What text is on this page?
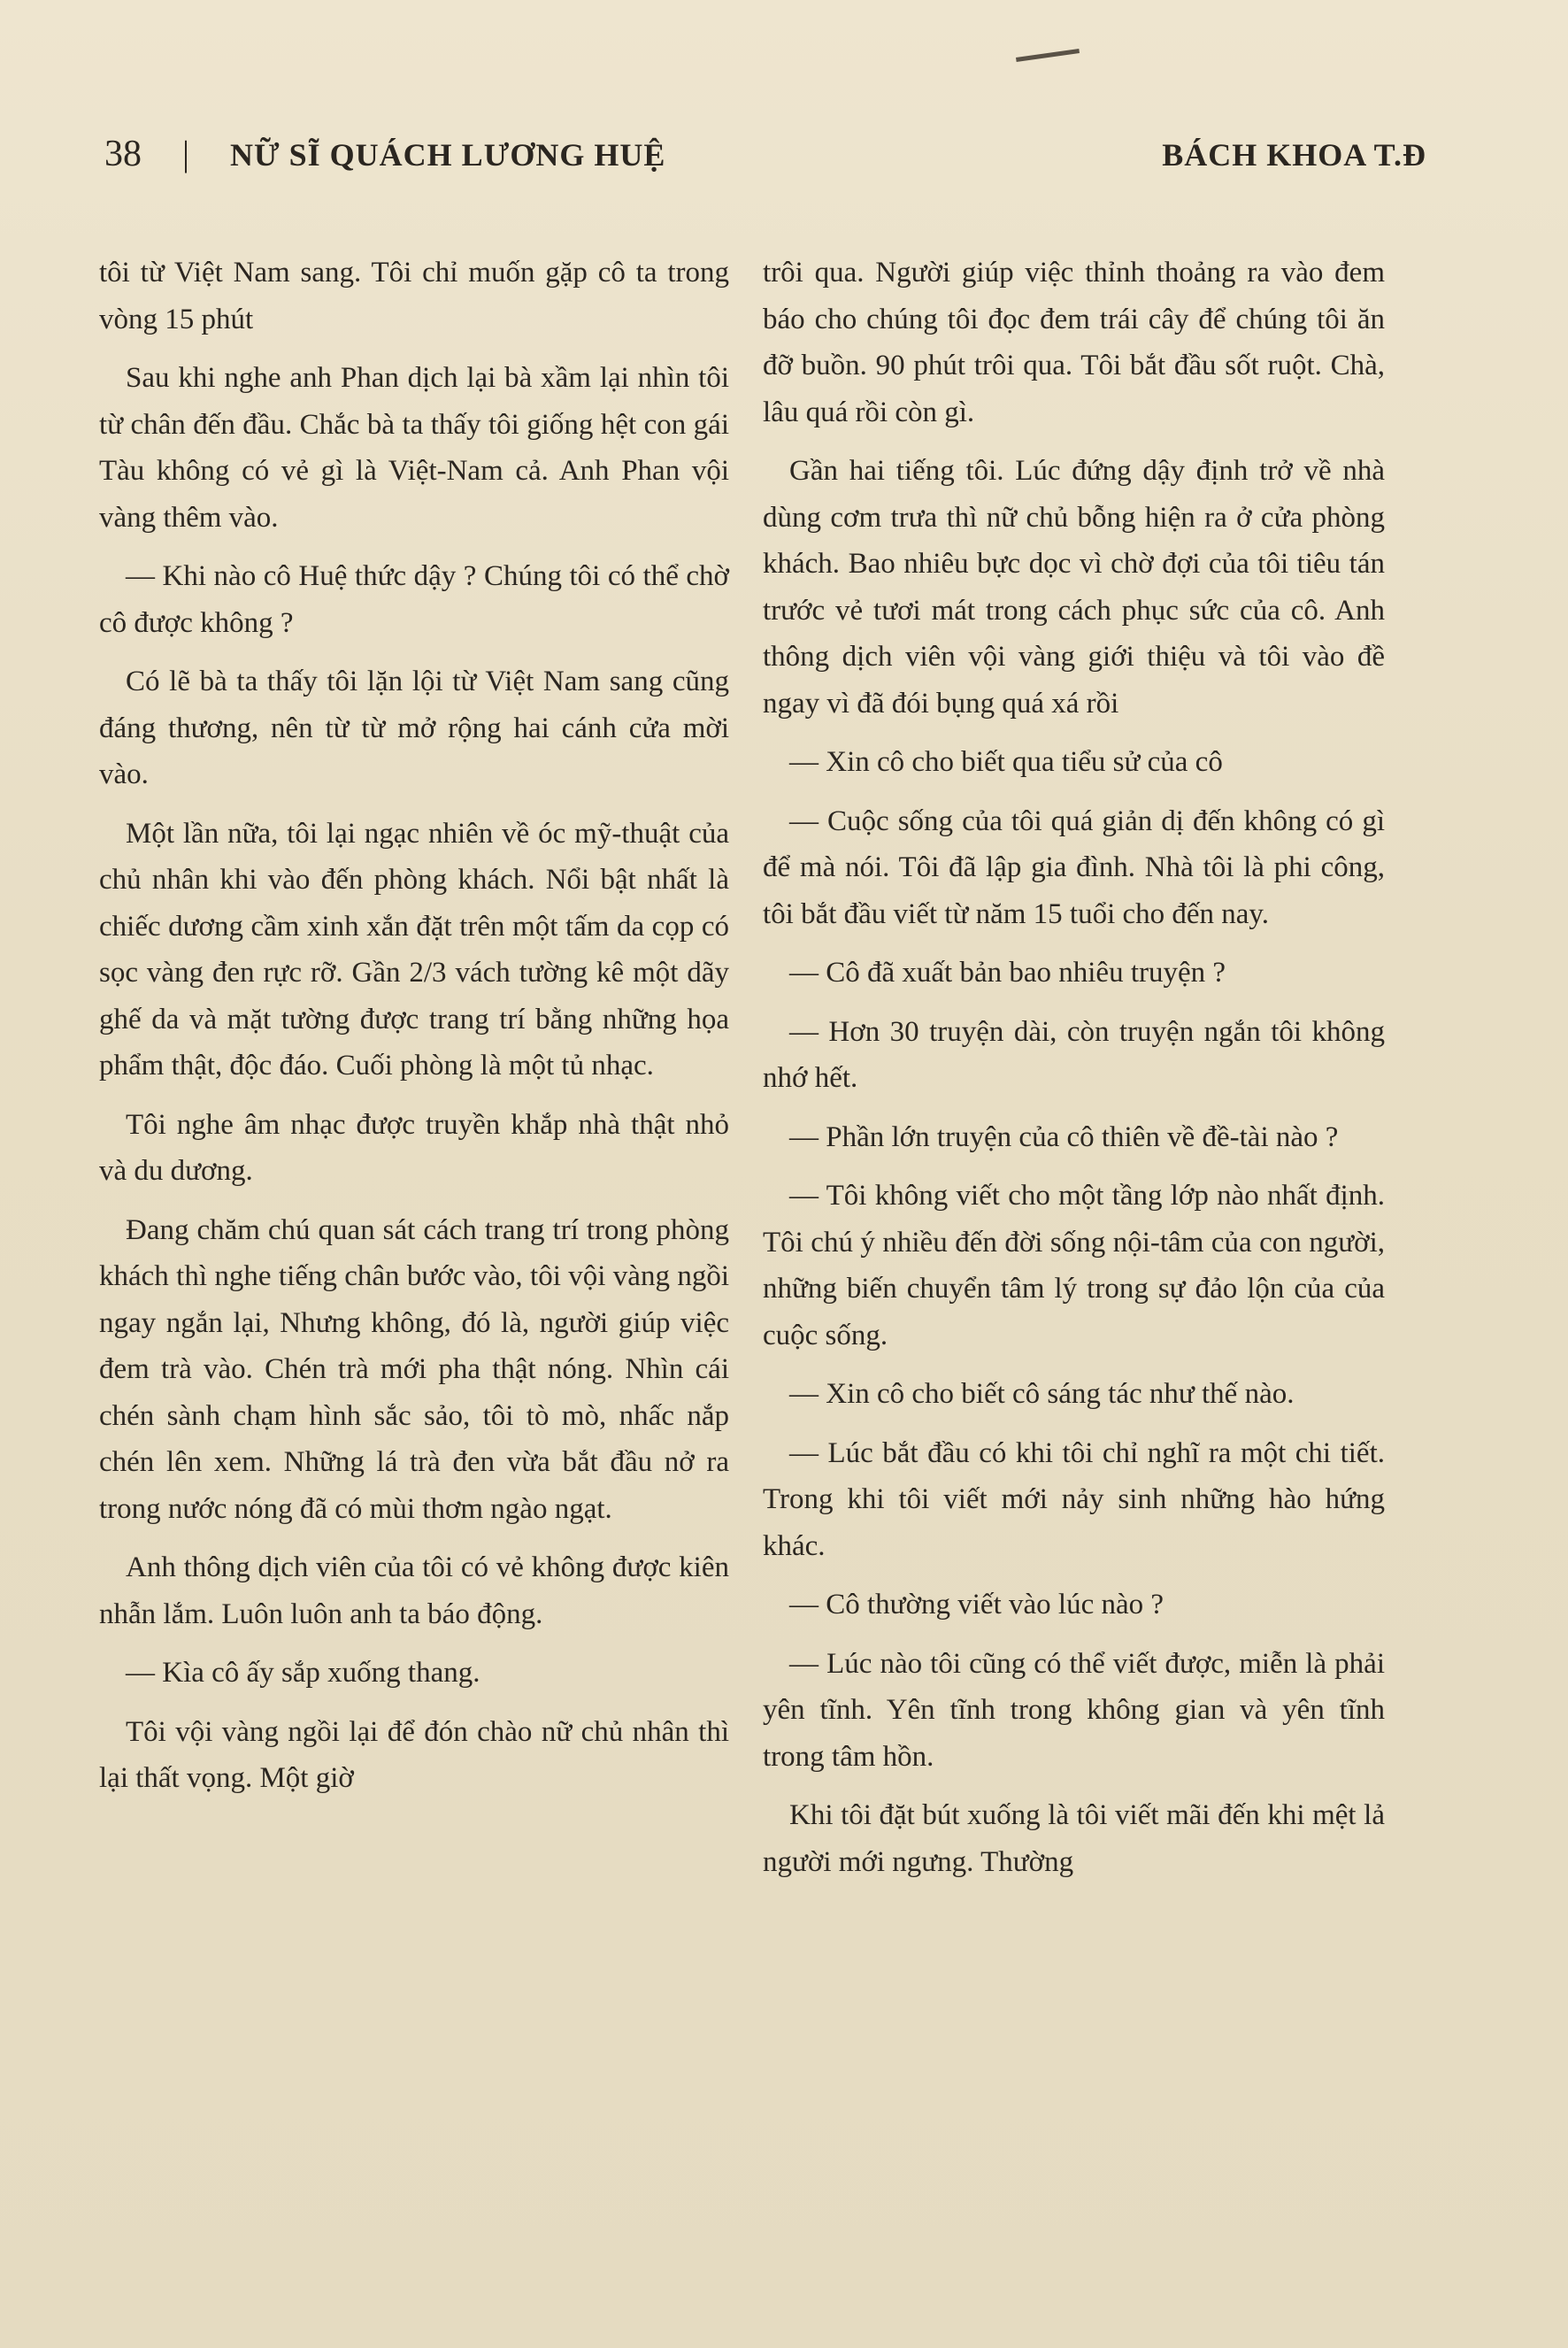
38 | NỮ SĨ QUÁCH LƯƠNG HUỆ	BÁCH KHOA T.Đ

tôi từ Việt Nam sang. Tôi chỉ muốn gặp cô ta trong vòng 15 phút

Sau khi nghe anh Phan dịch lại bà xầm lại nhìn tôi từ chân đến đầu. Chắc bà ta thấy tôi giống hệt con gái Tàu không có vẻ gì là Việt-Nam cả. Anh Phan vội vàng thêm vào.

— Khi nào cô Huệ thức dậy ? Chúng tôi có thể chờ cô được không ?

Có lẽ bà ta thấy tôi lặn lội từ Việt Nam sang cũng đáng thương, nên từ từ mở rộng hai cánh cửa mời vào.

Một lần nữa, tôi lại ngạc nhiên về óc mỹ-thuật của chủ nhân khi vào đến phòng khách. Nổi bật nhất là chiếc dương cầm xinh xắn đặt trên một tấm da cọp có sọc vàng đen rực rỡ. Gần 2/3 vách tường kê một dãy ghế da và mặt tường được trang trí bằng những họa phẩm thật, độc đáo. Cuối phòng là một tủ nhạc.

Tôi nghe âm nhạc được truyền khắp nhà thật nhỏ và du dương.

Đang chăm chú quan sát cách trang trí trong phòng khách thì nghe tiếng chân bước vào, tôi vội vàng ngồi ngay ngắn lại, Nhưng không, đó là, người giúp việc đem trà vào. Chén trà mới pha thật nóng. Nhìn cái chén sành chạm hình sắc sảo, tôi tò mò, nhấc nắp chén lên xem. Những lá trà đen vừa bắt đầu nở ra trong nước nóng đã có mùi thơm ngào ngạt.

Anh thông dịch viên của tôi có vẻ không được kiên nhẫn lắm. Luôn luôn anh ta báo động.

— Kìa cô ấy sắp xuống thang.

Tôi vội vàng ngồi lại để đón chào nữ chủ nhân thì lại thất vọng. Một giờ

trôi qua. Người giúp việc thỉnh thoảng ra vào đem báo cho chúng tôi đọc đem trái cây để chúng tôi ăn đỡ buồn. 90 phút trôi qua. Tôi bắt đầu sốt ruột. Chà, lâu quá rồi còn gì.

Gần hai tiếng tôi. Lúc đứng dậy định trở về nhà dùng cơm trưa thì nữ chủ bỗng hiện ra ở cửa phòng khách. Bao nhiêu bực dọc vì chờ đợi của tôi tiêu tán trước vẻ tươi mát trong cách phục sức của cô. Anh thông dịch viên vội vàng giới thiệu và tôi vào đề ngay vì đã đói bụng quá xá rồi

— Xin cô cho biết qua tiểu sử của cô

— Cuộc sống của tôi quá giản dị đến không có gì để mà nói. Tôi đã lập gia đình. Nhà tôi là phi công, tôi bắt đầu viết từ năm 15 tuổi cho đến nay.

— Cô đã xuất bản bao nhiêu truyện ?

— Hơn 30 truyện dài, còn truyện ngắn tôi không nhớ hết.

— Phần lớn truyện của cô thiên về đề-tài nào ?

— Tôi không viết cho một tầng lớp nào nhất định. Tôi chú ý nhiều đến đời sống nội-tâm của con người, những biến chuyển tâm lý trong sự đảo lộn của của cuộc sống.

— Xin cô cho biết cô sáng tác như thế nào.

— Lúc bắt đầu có khi tôi chỉ nghĩ ra một chi tiết. Trong khi tôi viết mới nảy sinh những hào hứng khác.

— Cô thường viết vào lúc nào ?

— Lúc nào tôi cũng có thể viết được, miễn là phải yên tĩnh. Yên tĩnh trong không gian và yên tĩnh trong tâm hồn.

Khi tôi đặt bút xuống là tôi viết mãi đến khi mệt lả người mới ngưng. Thường
